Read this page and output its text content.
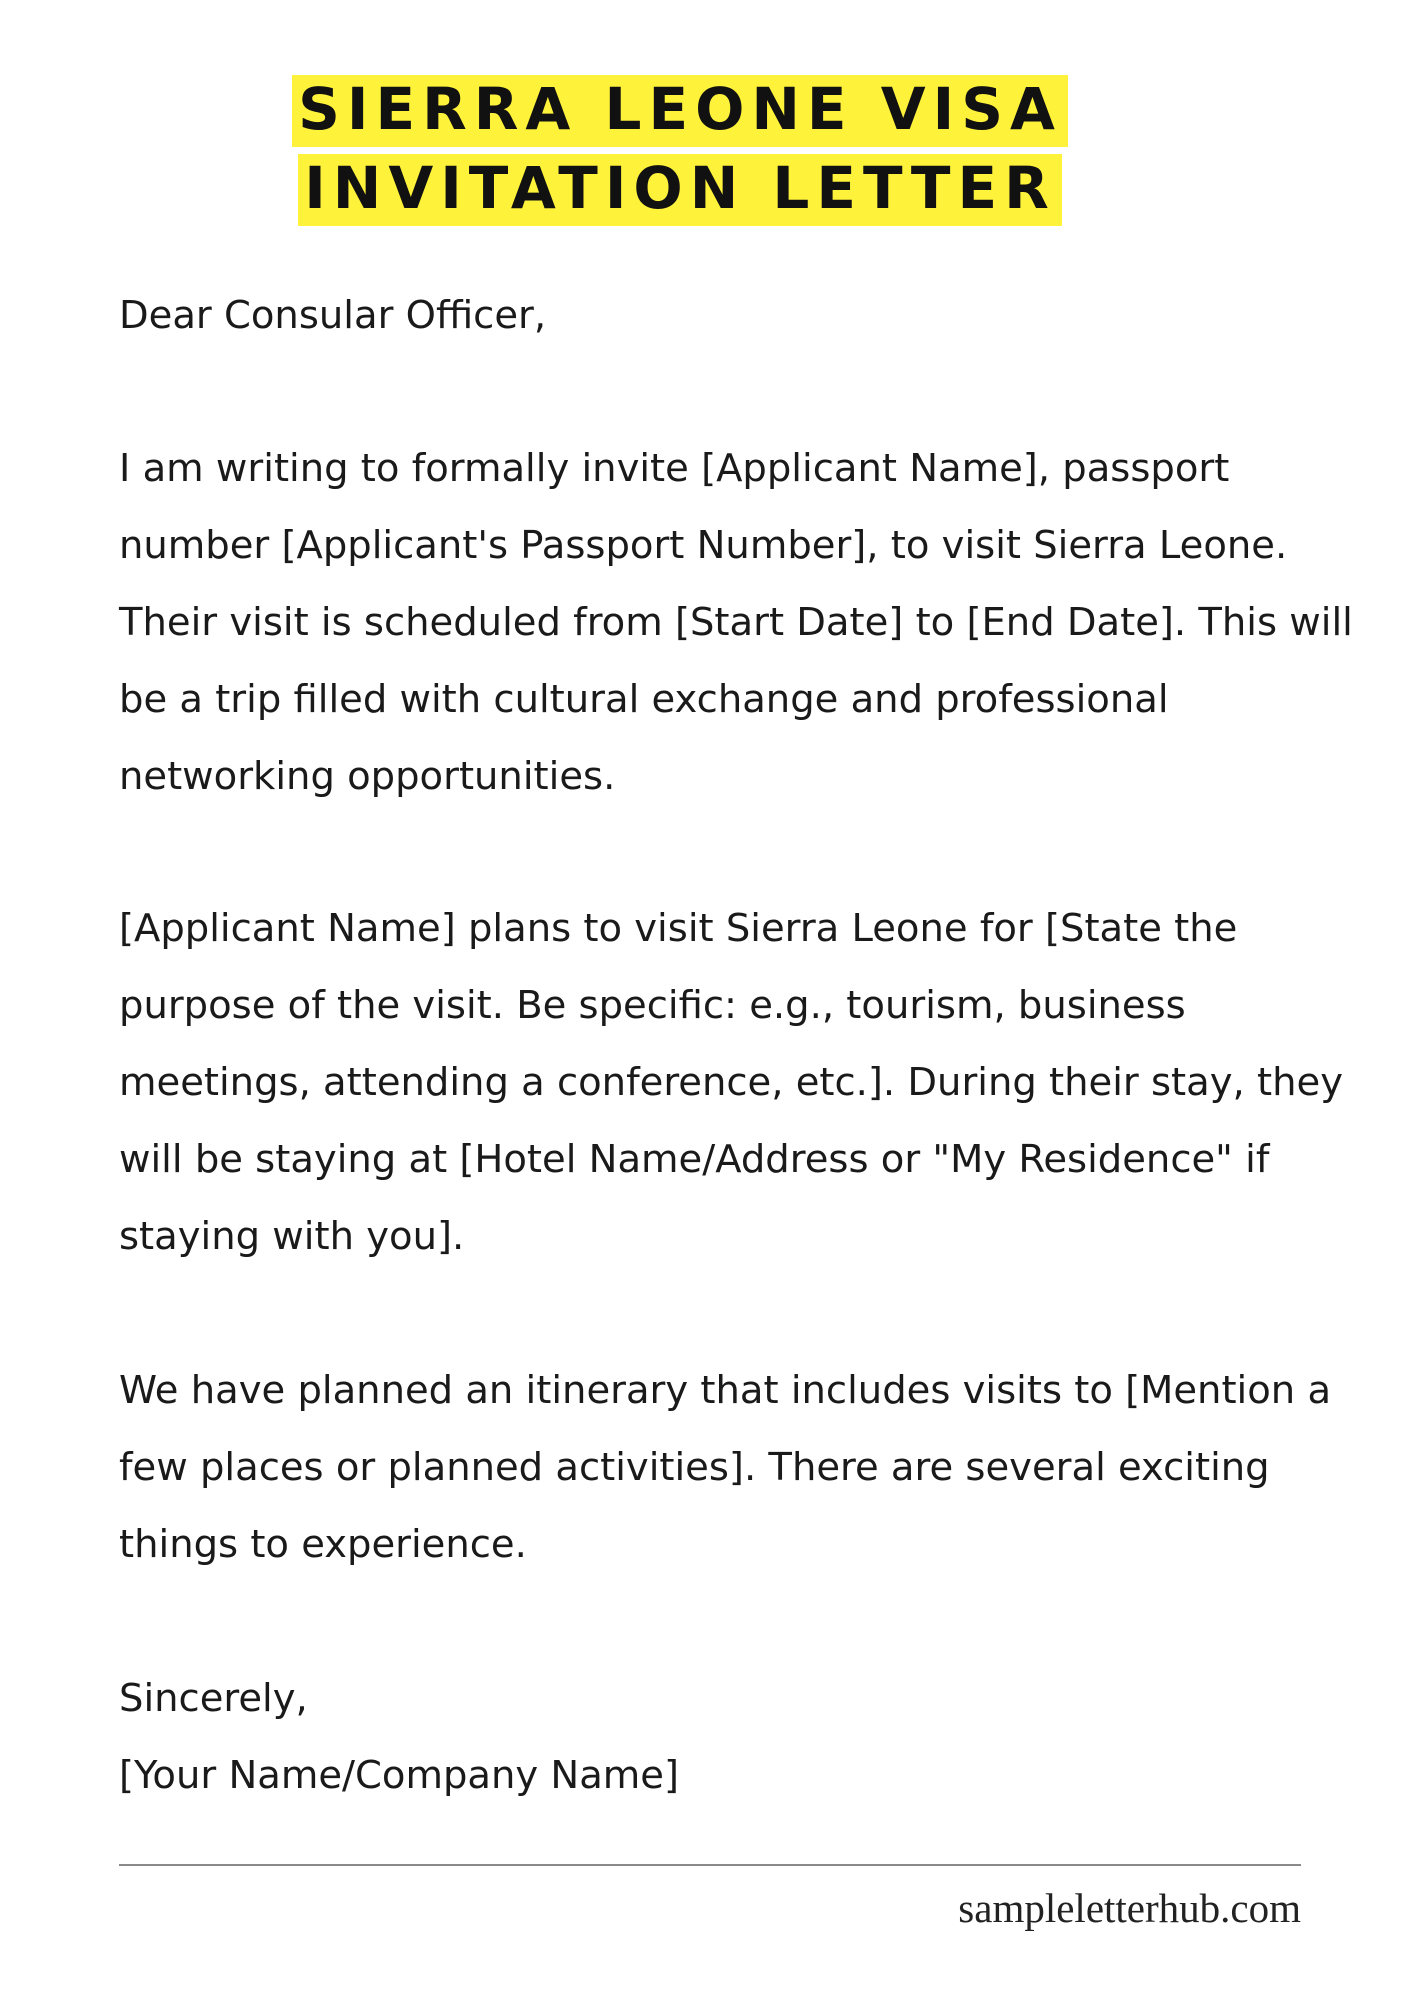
SIERRA LEONE VISA INVITATION LETTER

Dear Consular Officer,

I am writing to formally invite [Applicant Name], passport number [Applicant's Passport Number], to visit Sierra Leone. Their visit is scheduled from [Start Date] to [End Date]. This will be a trip filled with cultural exchange and professional networking opportunities.

[Applicant Name] plans to visit Sierra Leone for [State the purpose of the visit. Be specific: e.g., tourism, business meetings, attending a conference, etc.]. During their stay, they will be staying at [Hotel Name/Address or "My Residence" if staying with you].

We have planned an itinerary that includes visits to [Mention a few places or planned activities]. There are several exciting things to experience.

Sincerely,

[Your Name/Company Name]

sampleletterhub.com
